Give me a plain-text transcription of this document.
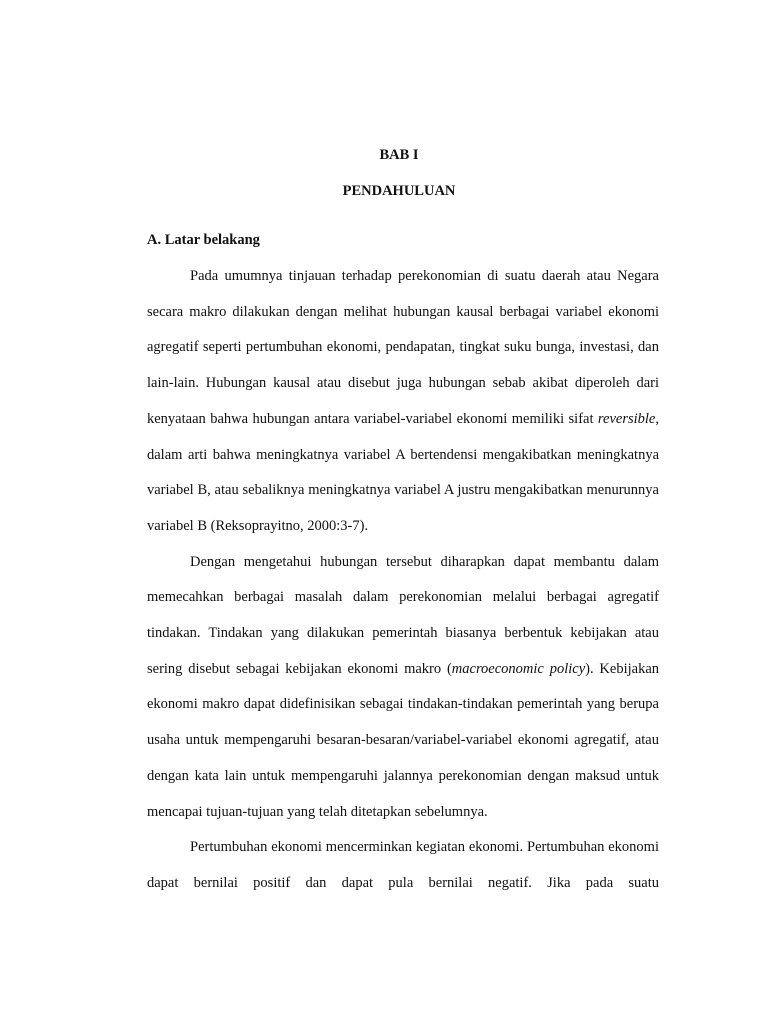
BAB I

PENDAHULUAN

A. Latar belakang

Pada umumnya tinjauan terhadap perekonomian di suatu daerah atau Negara secara makro dilakukan dengan melihat hubungan kausal berbagai variabel ekonomi agregatif seperti pertumbuhan ekonomi, pendapatan, tingkat suku bunga, investasi, dan lain-lain. Hubungan kausal atau disebut juga hubungan sebab akibat diperoleh dari kenyataan bahwa hubungan antara variabel-variabel ekonomi memiliki sifat reversible, dalam arti bahwa meningkatnya variabel A bertendensi mengakibatkan meningkatnya variabel B, atau sebaliknya meningkatnya variabel A justru mengakibatkan menurunnya variabel B (Reksoprayitno, 2000:3-7).

Dengan mengetahui hubungan tersebut diharapkan dapat membantu dalam memecahkan berbagai masalah dalam perekonomian melalui berbagai agregatif tindakan. Tindakan yang dilakukan pemerintah biasanya berbentuk kebijakan atau sering disebut sebagai kebijakan ekonomi makro (macroeconomic policy). Kebijakan ekonomi makro dapat didefinisikan sebagai tindakan-tindakan pemerintah yang berupa usaha untuk mempengaruhi besaran-besaran/variabel-variabel ekonomi agregatif, atau dengan kata lain untuk mempengaruhi jalannya perekonomian dengan maksud untuk mencapai tujuan-tujuan yang telah ditetapkan sebelumnya.

Pertumbuhan ekonomi mencerminkan kegiatan ekonomi. Pertumbuhan ekonomi dapat bernilai positif dan dapat pula bernilai negatif. Jika pada suatu
